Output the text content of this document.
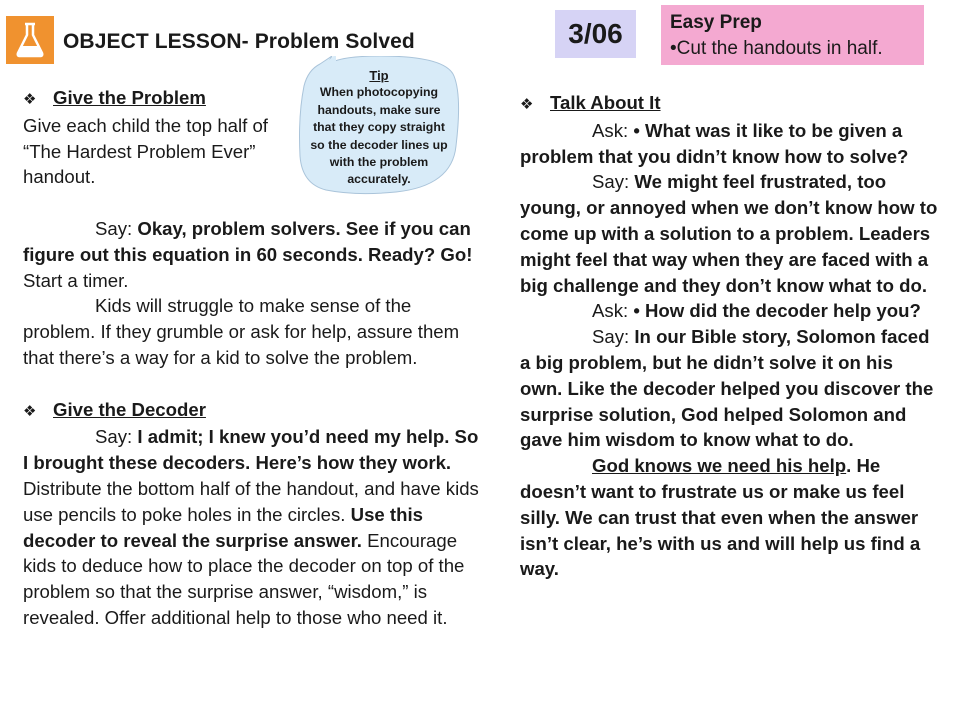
OBJECT LESSON- Problem Solved	3/06	Easy Prep
•Cut the handouts in half.

❖ Give the Problem

Give each child the top half of “The Hardest Problem Ever” handout.

Say: Okay, problem solvers. See if you can figure out this equation in 60 seconds. Ready? Go! Start a timer.

Kids will struggle to make sense of the problem. If they grumble or ask for help, assure them that there’s a way for a kid to solve the problem.

❖ Give the Decoder

Say: I admit; I knew you’d need my help. So I brought these decoders. Here’s how they work. Distribute the bottom half of the handout, and have kids use pencils to poke holes in the circles. Use this decoder to reveal the surprise answer. Encourage kids to deduce how to place the decoder on top of the problem so that the surprise answer, “wisdom,” is revealed. Offer additional help to those who need it.

Tip
When photocopying handouts, make sure that they copy straight so the decoder lines up with the problem accurately.

❖ Talk About It

Ask: • What was it like to be given a problem that you didn’t know how to solve?

Say: We might feel frustrated, too young, or annoyed when we don’t know how to come up with a solution to a problem. Leaders might feel that way when they are faced with a big challenge and they don’t know what to do.

Ask: • How did the decoder help you?

Say: In our Bible story, Solomon faced a big problem, but he didn’t solve it on his own. Like the decoder helped you discover the surprise solution, God helped Solomon and gave him wisdom to know what to do.

God knows we need his help. He doesn’t want to frustrate us or make us feel silly. We can trust that even when the answer isn’t clear, he’s with us and will help us find a way.
